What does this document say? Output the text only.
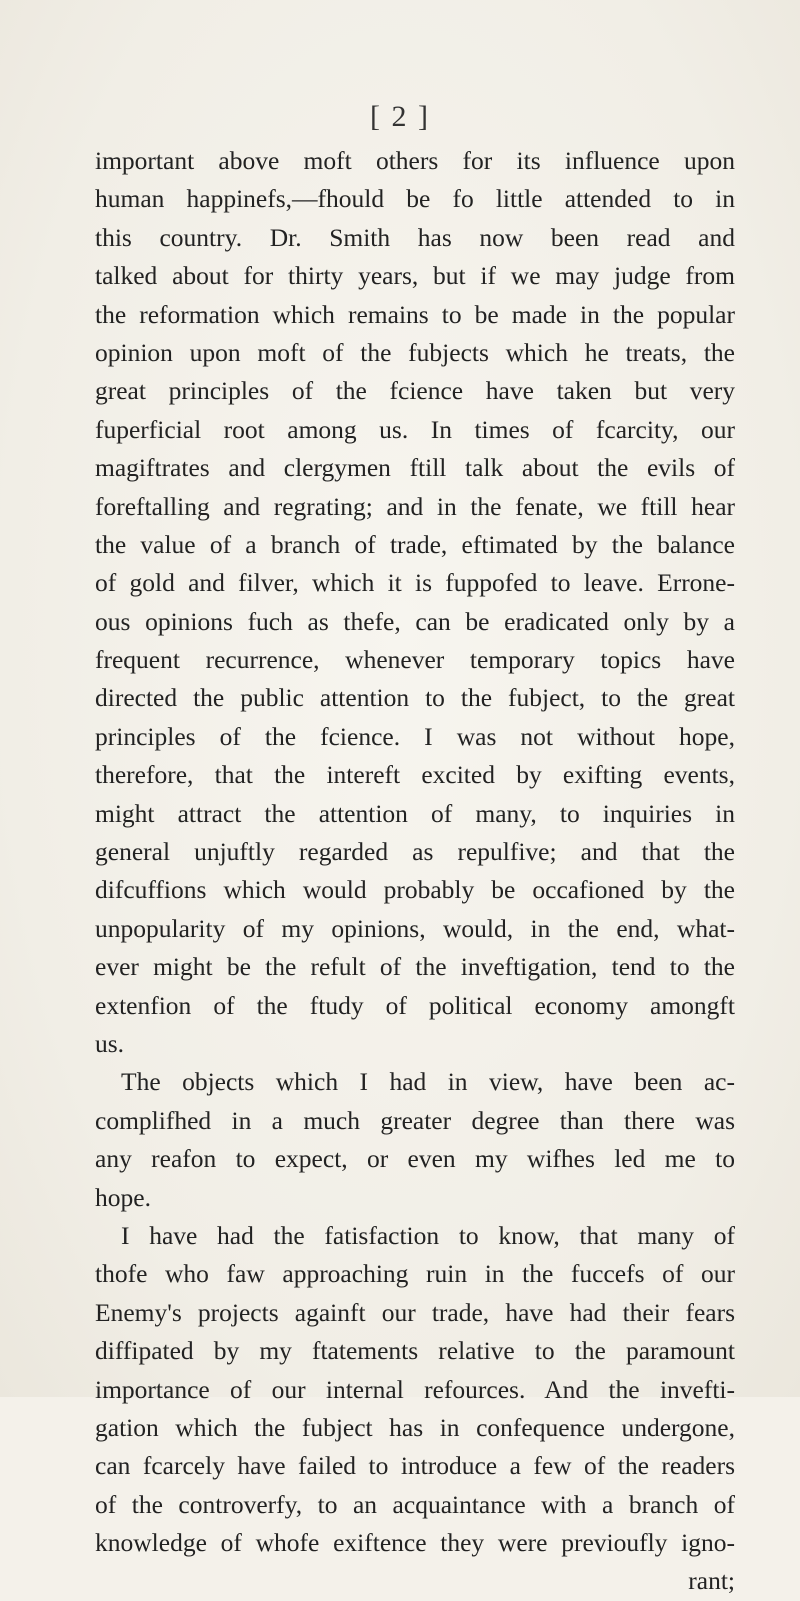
[ 2 ]
important above moft others for its influence upon
human happinefs,—fhould be fo little attended to in
this country. Dr. Smith has now been read and
talked about for thirty years, but if we may judge from
the reformation which remains to be made in the popular
opinion upon moft of the fubjects which he treats, the
great principles of the fcience have taken but very
fuperficial root among us. In times of fcarcity, our
magiftrates and clergymen ftill talk about the evils of
foreftalling and regrating; and in the fenate, we ftill hear
the value of a branch of trade, eftimated by the balance
of gold and filver, which it is fuppofed to leave. Errone-
ous opinions fuch as thefe, can be eradicated only by a
frequent recurrence, whenever temporary topics have
directed the public attention to the fubject, to the great
principles of the fcience. I was not without hope,
therefore, that the intereft excited by exifting events,
might attract the attention of many, to inquiries in
general unjuftly regarded as repulfive; and that the
difcuffions which would probably be occafioned by the
unpopularity of my opinions, would, in the end, what-
ever might be the refult of the inveftigation, tend to the
extenfion of the ftudy of political economy amongft
us.
The objects which I had in view, have been ac-
complifhed in a much greater degree than there was
any reafon to expect, or even my wifhes led me to
hope.
I have had the fatisfaction to know, that many of
thofe who faw approaching ruin in the fuccefs of our
Enemy's projects againft our trade, have had their fears
diffipated by my ftatements relative to the paramount
importance of our internal refources. And the invefti-
gation which the fubject has in confequence undergone,
can fcarcely have failed to introduce a few of the readers
of the controverfy, to an acquaintance with a branch of
knowledge of whofe exiftence they were previoufly igno-
rant;
